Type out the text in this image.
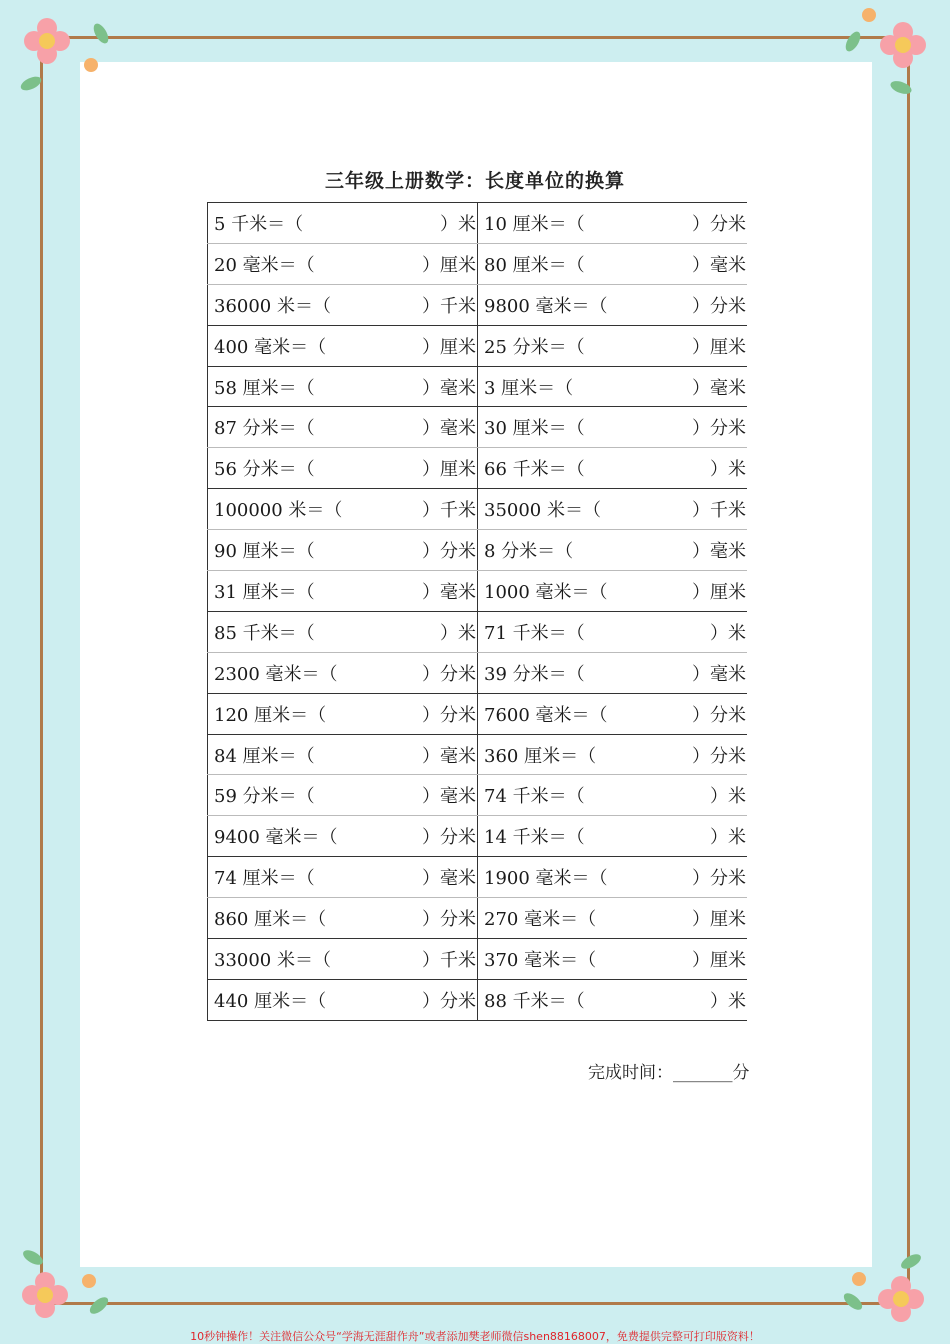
三年级上册数学：长度单位的换算
5 千米＝（ ）米	10 厘米＝（ ）分米

20 毫米＝（ ）厘米	80 厘米＝（ ）毫米

36000 米＝（ ）千米	9800 毫米＝（ ）分米

400 毫米＝（ ）厘米	25 分米＝（ ）厘米

58 厘米＝（ ）毫米	3 厘米＝（ ）毫米

87 分米＝（ ）毫米	30 厘米＝（ ）分米

56 分米＝（ ）厘米	66 千米＝（ ）米

100000 米＝（ ）千米	35000 米＝（ ）千米

90 厘米＝（ ）分米	8 分米＝（ ）毫米

31 厘米＝（ ）毫米	1000 毫米＝（ ）厘米

85 千米＝（ ）米	71 千米＝（ ）米

2300 毫米＝（ ）分米	39 分米＝（ ）毫米

120 厘米＝（ ）分米	7600 毫米＝（ ）分米

84 厘米＝（ ）毫米	360 厘米＝（ ）分米

59 分米＝（ ）毫米	74 千米＝（ ）米

9400 毫米＝（ ）分米	14 千米＝（ ）米

74 厘米＝（ ）毫米	1900 毫米＝（ ）分米

860 厘米＝（ ）分米	270 毫米＝（ ）厘米

33000 米＝（ ）千米	370 毫米＝（ ）厘米

440 厘米＝（ ）分米	88 千米＝（ ）米
完成时间：_______分
10秒钟操作！关注微信公众号“学海无涯甜作舟”或者添加樊老师微信shen88168007，免费提供完整可打印版资料！
